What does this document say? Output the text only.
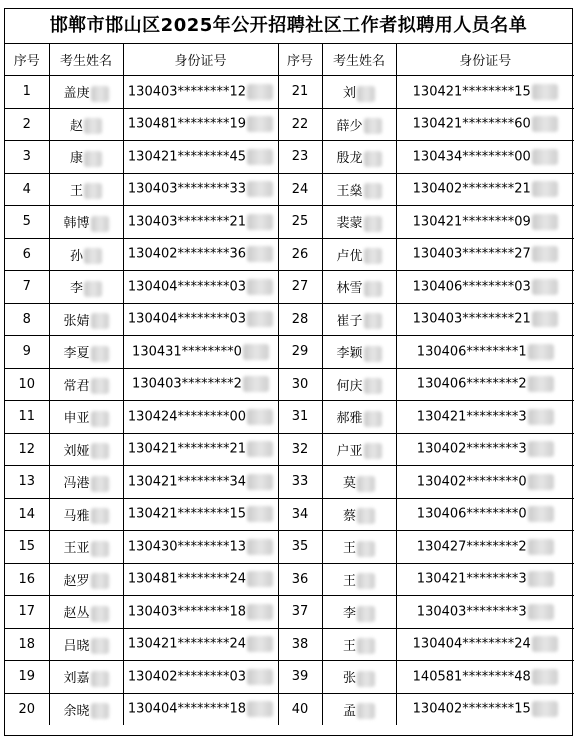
邯郸市邯山区2025年公开招聘社区工作者拟聘用人员名单
序号	考生姓名	身份证号	序号	考生姓名	身份证号
1	盖庚	130403********12	21	刘	130421********15
2	赵	130481********19	22	薛少	130421********60
3	康	130421********45	23	殷龙	130434********00
4	王	130403********33	24	王燊	130402********21
5	韩博	130403********21	25	裴蒙	130421********09
6	孙	130402********36	26	卢优	130403********27
7	李	130404********03	27	林雪	130406********03
8	张婧	130404********03	28	崔子	130403********21
9	李夏	130431********0	29	李颖	130406********1
10	常君	130403********2	30	何庆	130406********2
11	申亚	130424********00	31	郝雅	130421********3
12	刘娅	130421********21	32	户亚	130402********3
13	冯港	130421********34	33	莫	130402********0
14	马雅	130421********15	34	蔡	130406********0
15	王亚	130430********13	35	王	130427********2
16	赵罗	130481********24	36	王	130421********3
17	赵丛	130403********18	37	李	130403********3
18	吕晓	130421********24	38	王	130404********24
19	刘嘉	130402********03	39	张	140581********48
20	余晓	130404********18	40	孟	130402********15
